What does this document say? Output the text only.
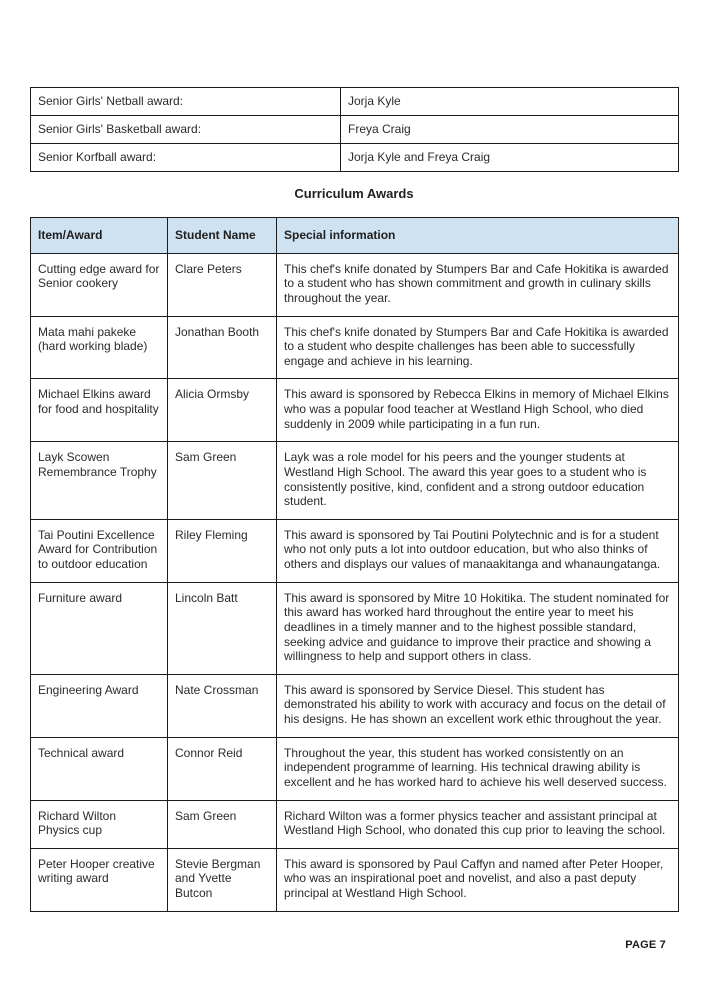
Senior Girls' Netball award:	Jorja Kyle
Senior Girls' Basketball award:	Freya Craig
Senior Korfball award:	Jorja Kyle and Freya Craig
Curriculum Awards
Item/Award	Student Name	Special information
Cutting edge award for Senior cookery	Clare Peters	This chef's knife donated by Stumpers Bar and Cafe Hokitika is awarded to a student who has shown commitment and growth in culinary skills throughout the year.
Mata mahi pakeke (hard working blade)	Jonathan Booth	This chef's knife donated by Stumpers Bar and Cafe Hokitika is awarded to a student who despite challenges has been able to successfully engage and achieve in his learning.
Michael Elkins award for food and hospitality	Alicia Ormsby	This award is sponsored by Rebecca Elkins in memory of Michael Elkins who was a popular food teacher at Westland High School, who died suddenly in 2009 while participating in a fun run.
Layk Scowen Remembrance Trophy	Sam Green	Layk was a role model for his peers and the younger students at Westland High School. The award this year goes to a student who is consistently positive, kind, confident and a strong outdoor education student.
Tai Poutini Excellence Award for Contribution to outdoor education	Riley Fleming	This award is sponsored by Tai Poutini Polytechnic and is for a student who not only puts a lot into outdoor education, but who also thinks of others and displays our values of manaakitanga and whanaungatanga.
Furniture award	Lincoln Batt	This award is sponsored by Mitre 10 Hokitika. The student nominated for this award has worked hard throughout the entire year to meet his deadlines in a timely manner and to the highest possible standard, seeking advice and guidance to improve their practice and showing a willingness to help and support others in class.
Engineering Award	Nate Crossman	This award is sponsored by Service Diesel. This student has demonstrated his ability to work with accuracy and focus on the detail of his designs. He has shown an excellent work ethic throughout the year.
Technical award	Connor Reid	Throughout the year, this student has worked consistently on an independent programme of learning. His technical drawing ability is excellent and he has worked hard to achieve his well deserved success.
Richard Wilton Physics cup	Sam Green	Richard Wilton was a former physics teacher and assistant principal at Westland High School, who donated this cup prior to leaving the school.
Peter Hooper creative writing award	Stevie Bergman and Yvette Butcon	This award is sponsored by Paul Caffyn and named after Peter Hooper, who was an inspirational poet and novelist, and also a past deputy principal at Westland High School.
PAGE 7
